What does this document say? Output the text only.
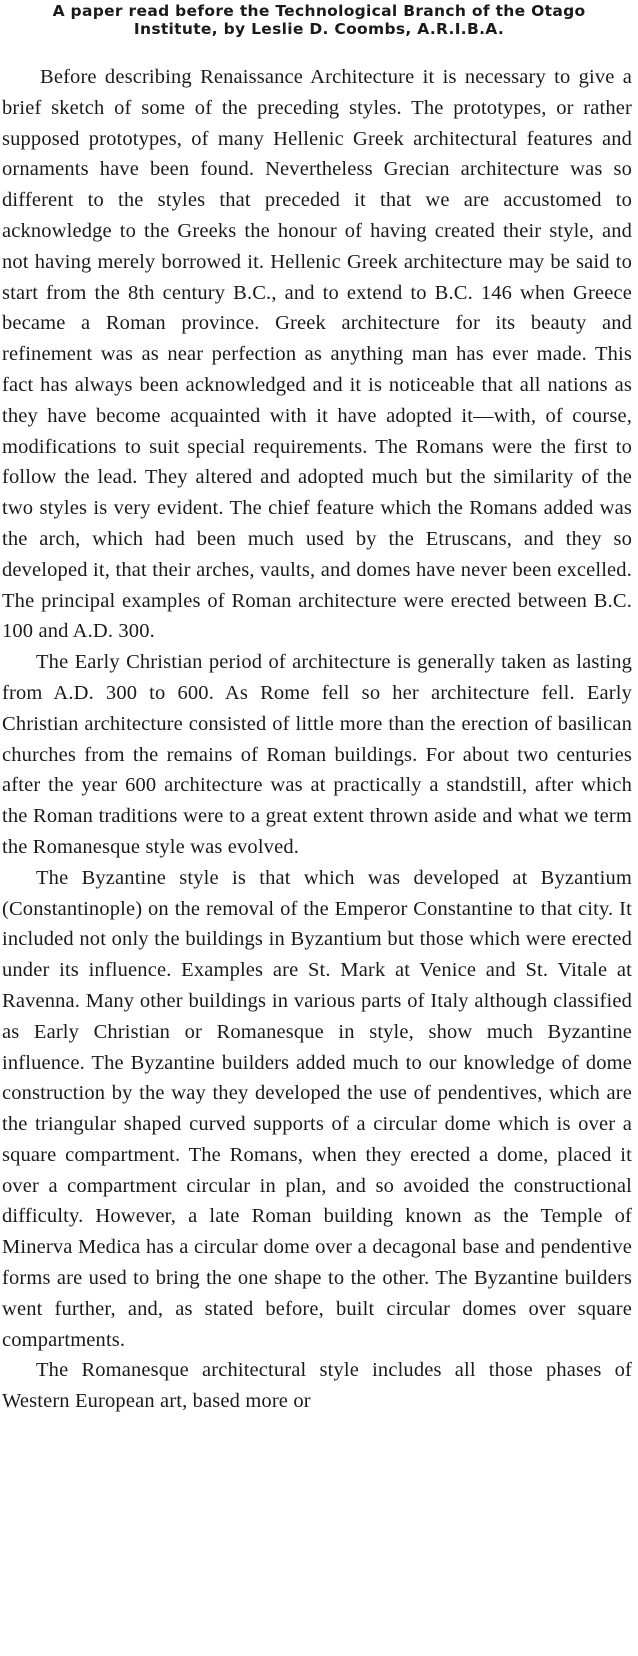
A paper read before the Technological Branch of the Otago
Institute, by Leslie D. Coombs, A.R.I.B.A.

Before describing Renaissance Architecture it is necessary to give a brief sketch of some of the preceding styles. The prototypes, or rather supposed prototypes, of many Hellenic Greek architectural features and ornaments have been found. Nevertheless Grecian architecture was so different to the styles that preceded it that we are accustomed to acknowledge to the Greeks the honour of having created their style, and not having merely borrowed it. Hellenic Greek architecture may be said to start from the 8th century B.C., and to extend to B.C. 146 when Greece became a Roman province. Greek architecture for its beauty and refinement was as near perfection as anything man has ever made. This fact has always been acknowledged and it is noticeable that all nations as they have become acquainted with it have adopted it—with, of course, modifications to suit special requirements. The Romans were the first to follow the lead. They altered and adopted much but the similarity of the two styles is very evident. The chief feature which the Romans added was the arch, which had been much used by the Etruscans, and they so developed it, that their arches, vaults, and domes have never been excelled. The principal examples of Roman architecture were erected between B.C. 100 and A.D. 300.

The Early Christian period of architecture is generally taken as lasting from A.D. 300 to 600. As Rome fell so her architecture fell. Early Christian architecture consisted of little more than the erection of basilican churches from the remains of Roman buildings. For about two centuries after the year 600 architecture was at practically a standstill, after which the Roman traditions were to a great extent thrown aside and what we term the Romanesque style was evolved.

The Byzantine style is that which was developed at Byzantium (Constantinople) on the removal of the Emperor Constantine to that city. It included not only the buildings in Byzantium but those which were erected under its influence. Examples are St. Mark at Venice and St. Vitale at Ravenna. Many other buildings in various parts of Italy although classified as Early Christian or Romanesque in style, show much Byzantine influence. The Byzantine builders added much to our knowledge of dome construction by the way they developed the use of pendentives, which are the triangular shaped curved supports of a circular dome which is over a square compartment. The Romans, when they erected a dome, placed it over a compartment circular in plan, and so avoided the constructional difficulty. However, a late Roman building known as the Temple of Minerva Medica has a circular dome over a decagonal base and pendentive forms are used to bring the one shape to the other. The Byzantine builders went further, and, as stated before, built circular domes over square compartments.

The Romanesque architectural style includes all those phases of Western European art, based more or
